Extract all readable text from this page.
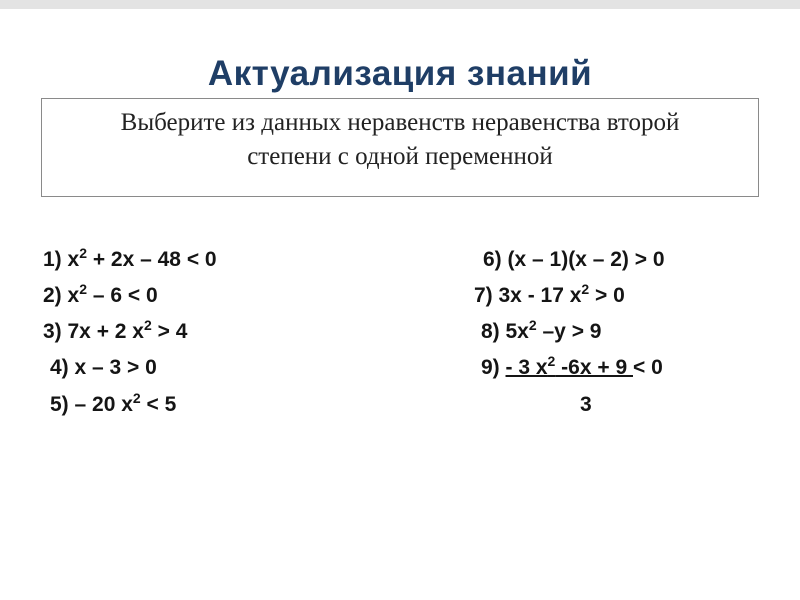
Актуализация знаний
Выберите из данных неравенств неравенства второй
степени с одной переменной
1) $x^2 + 2x - 48 < 0$
2) $x^2 - 6 < 0$
3) 7x + 2 $x^2 > 4$
4) x – 3 > 0
5) – 20 $x^2 < 5$
6) (x – 1)(x – 2) > 0
7) 3x - 17 $x^2 > 0$
8) $5x^2$ –y > 9
9) - 3 $x^2$ -6x + 9 < 0
3
